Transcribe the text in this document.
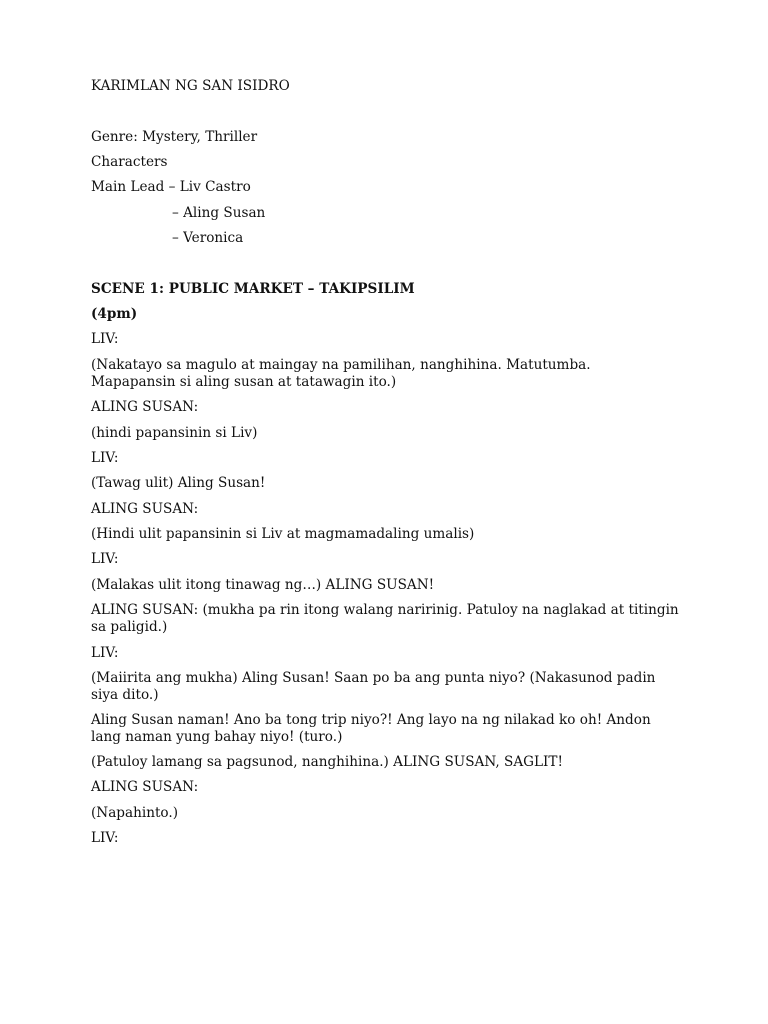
KARIMLAN NG SAN ISIDRO

Genre: Mystery, Thriller

Characters

Main Lead – Liv Castro

– Aling Susan

– Veronica

SCENE 1: PUBLIC MARKET – TAKIPSILIM

(4pm)

LIV:

(Nakatayo sa magulo at maingay na pamilihan, nanghihina. Matutumba. Mapapansin si aling susan at tatawagin ito.)

ALING SUSAN:

(hindi papansinin si Liv)

LIV:

(Tawag ulit) Aling Susan!

ALING SUSAN:

(Hindi ulit papansinin si Liv at magmamadaling umalis)

LIV:

(Malakas ulit itong tinawag ng…) ALING SUSAN!

ALING SUSAN: (mukha pa rin itong walang naririnig. Patuloy na naglakad at titingin sa paligid.)

LIV:

(Maiirita ang mukha) Aling Susan! Saan po ba ang punta niyo? (Nakasunod padin siya dito.)

Aling Susan naman! Ano ba tong trip niyo?! Ang layo na ng nilakad ko oh! Andon lang naman yung bahay niyo! (turo.)

(Patuloy lamang sa pagsunod, nanghihina.) ALING SUSAN, SAGLIT!

ALING SUSAN:

(Napahinto.)

LIV:
